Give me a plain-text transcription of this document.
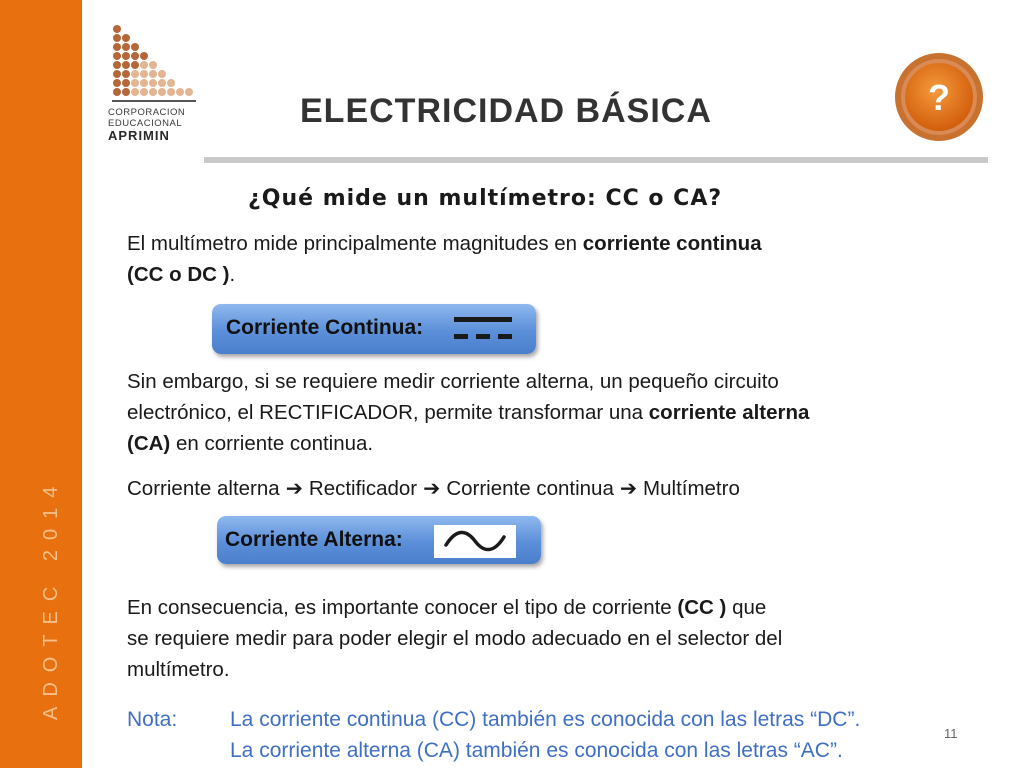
ADOTEC 2014
CORPORACION
EDUCACIONAL
APRIMIN
ELECTRICIDAD BÁSICA	?
¿Qué mide un multímetro: CC o CA?
El multímetro mide principalmente magnitudes en corriente continua (CC o DC ).
Corriente Continua:
Sin embargo, si se requiere medir corriente alterna, un pequeño circuito electrónico, el RECTIFICADOR, permite transformar una corriente alterna (CA) en corriente continua.
Corriente alterna ➔ Rectificador ➔ Corriente continua ➔ Multímetro
Corriente Alterna:
En consecuencia, es importante conocer el tipo de corriente (CC ) que se requiere medir para poder elegir el modo adecuado en el selector del multímetro.
Nota:	La corriente continua (CC) también es conocida con las letras “DC”.
La corriente alterna (CA) también es conocida con las letras “AC”.
11
